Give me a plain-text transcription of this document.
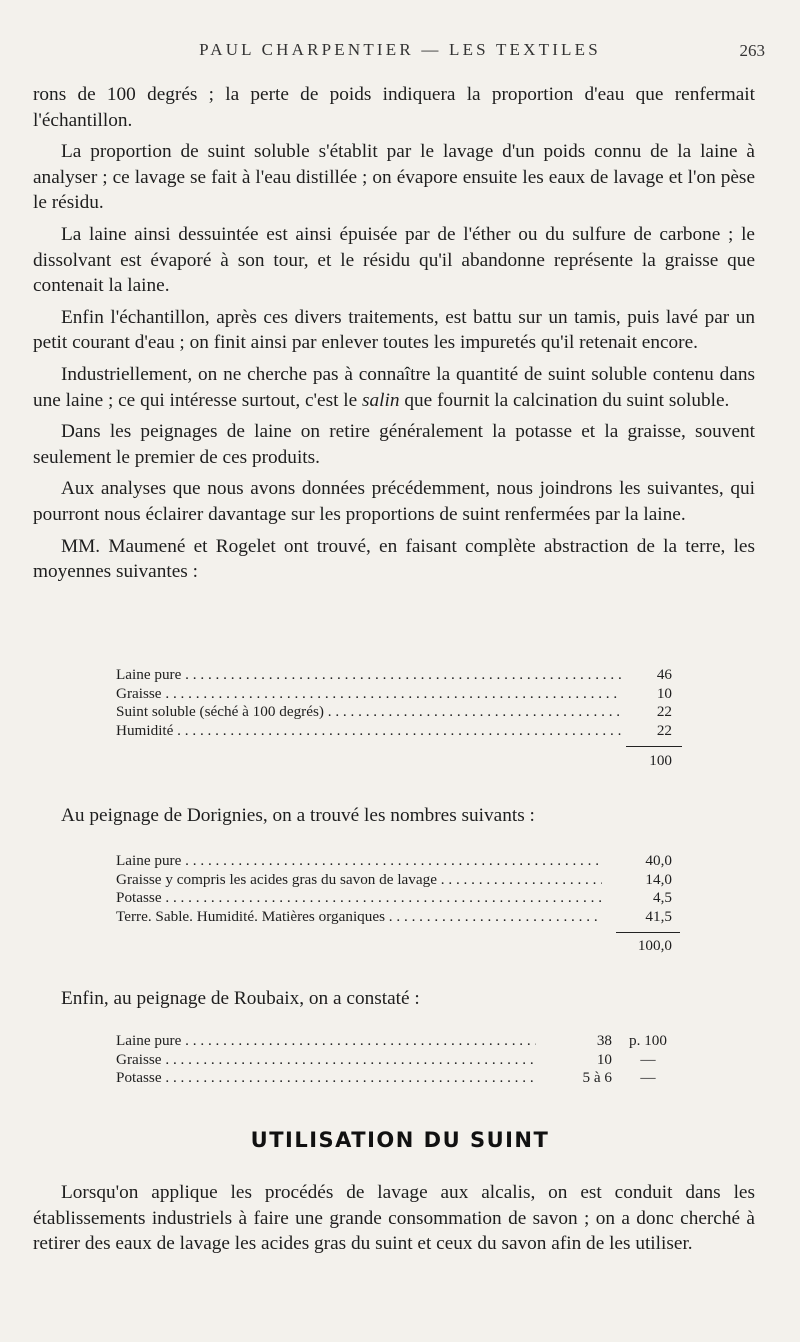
PAUL CHARPENTIER — LES TEXTILES	263

rons de 100 degrés ; la perte de poids indiquera la proportion d'eau que renfermait l'échantillon.

La proportion de suint soluble s'établit par le lavage d'un poids connu de la laine à analyser ; ce lavage se fait à l'eau distillée ; on évapore ensuite les eaux de lavage et l'on pèse le résidu.

La laine ainsi dessuintée est ainsi épuisée par de l'éther ou du sulfure de carbone ; le dissolvant est évaporé à son tour, et le résidu qu'il abandonne représente la graisse que contenait la laine.

Enfin l'échantillon, après ces divers traitements, est battu sur un tamis, puis lavé par un petit courant d'eau ; on finit ainsi par enlever toutes les impuretés qu'il retenait encore.

Industriellement, on ne cherche pas à connaître la quantité de suint soluble contenu dans une laine ; ce qui intéresse surtout, c'est le salin que fournit la calcination du suint soluble.

Dans les peignages de laine on retire généralement la potasse et la graisse, souvent seulement le premier de ces produits.

Aux analyses que nous avons données précédemment, nous joindrons les suivantes, qui pourront nous éclairer davantage sur les proportions de suint renfermées par la laine.

MM. Maumené et Rogelet ont trouvé, en faisant complète abstraction de la terre, les moyennes suivantes :

Laine pure . . .	46
Graisse . . .	10
Suint soluble (séché à 100 degrés) . . .	22
Humidité . . .	22
100

Au peignage de Dorignies, on a trouvé les nombres suivants :

Laine pure . . .	40,0
Graisse y compris les acides gras du savon de lavage . . .	14,0
Potasse . . .	4,5
Terre. Sable. Humidité. Matières organiques . . .	41,5
100,0

Enfin, au peignage de Roubaix, on a constaté :

Laine pure . . .	38	p. 100
Graisse . . .	10	—
Potasse . . .	5 à 6	—
UTILISATION DU SUINT

Lorsqu'on applique les procédés de lavage aux alcalis, on est conduit dans les établissements industriels à faire une grande consommation de savon ; on a donc cherché à retirer des eaux de lavage les acides gras du suint et ceux du savon afin de les utiliser.
